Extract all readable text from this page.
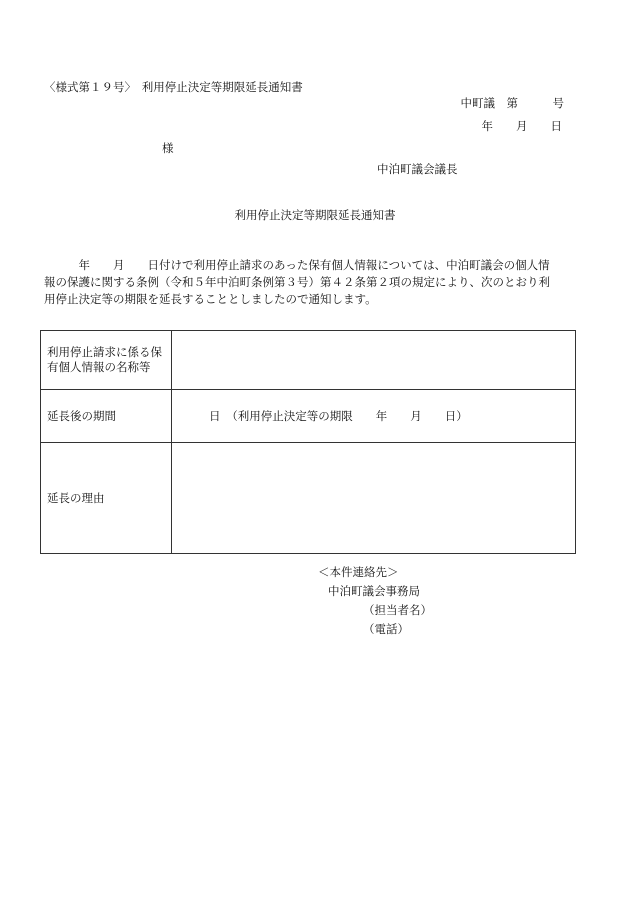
〈様式第１９号〉　利用停止決定等期限延長通知書
中町議　第　　　号
年　　月　　日
様
中泊町議会議長
利用停止決定等期限延長通知書
　　　年　　月　　日付けで利用停止請求のあった保有個人情報については、中泊町議会の個人情
報の保護に関する条例（令和５年中泊町条例第３号）第４２条第２項の規定により、次のとおり利
用停止決定等の期限を延長することとしましたので通知します。
利用停止請求に係る保有個人情報の名称等	
延長後の期間	　　日　（利用停止決定等の期限　　年　　月　　日）
延長の理由	
＜本件連絡先＞
中泊町議会事務局
（担当者名）
（電話）
